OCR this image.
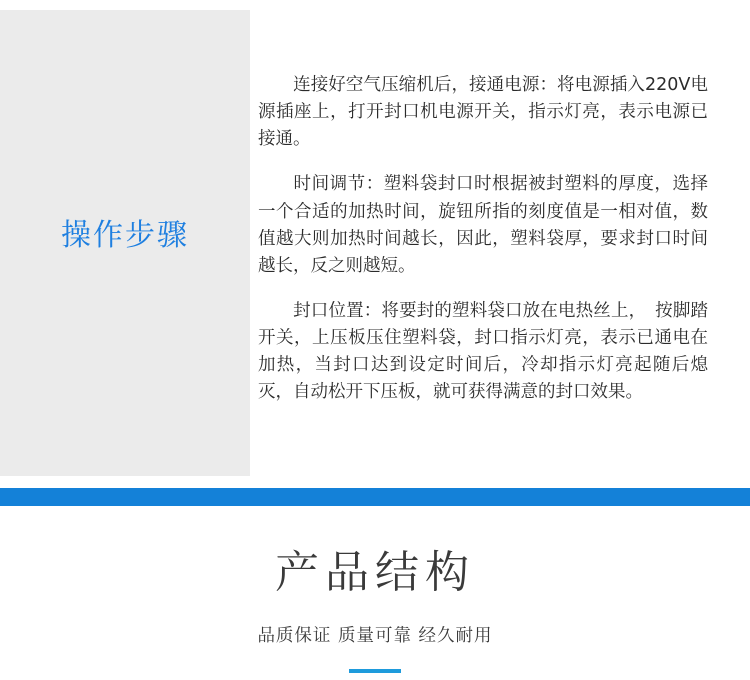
操作步骤

连接好空气压缩机后，接通电源：将电源插入220V电源插座上，打开封口机电源开关，指示灯亮，表示电源已接通。

时间调节：塑料袋封口时根据被封塑料的厚度，选择一个合适的加热时间，旋钮所指的刻度值是一相对值，数值越大则加热时间越长，因此，塑料袋厚，要求封口时间越长，反之则越短。

封口位置：将要封的塑料袋口放在电热丝上，　按脚踏开关，上压板压住塑料袋，封口指示灯亮，表示已通电在加热，当封口达到设定时间后，冷却指示灯亮起随后熄灭，自动松开下压板，就可获得满意的封口效果。

产品结构
品质保证 质量可靠 经久耐用
